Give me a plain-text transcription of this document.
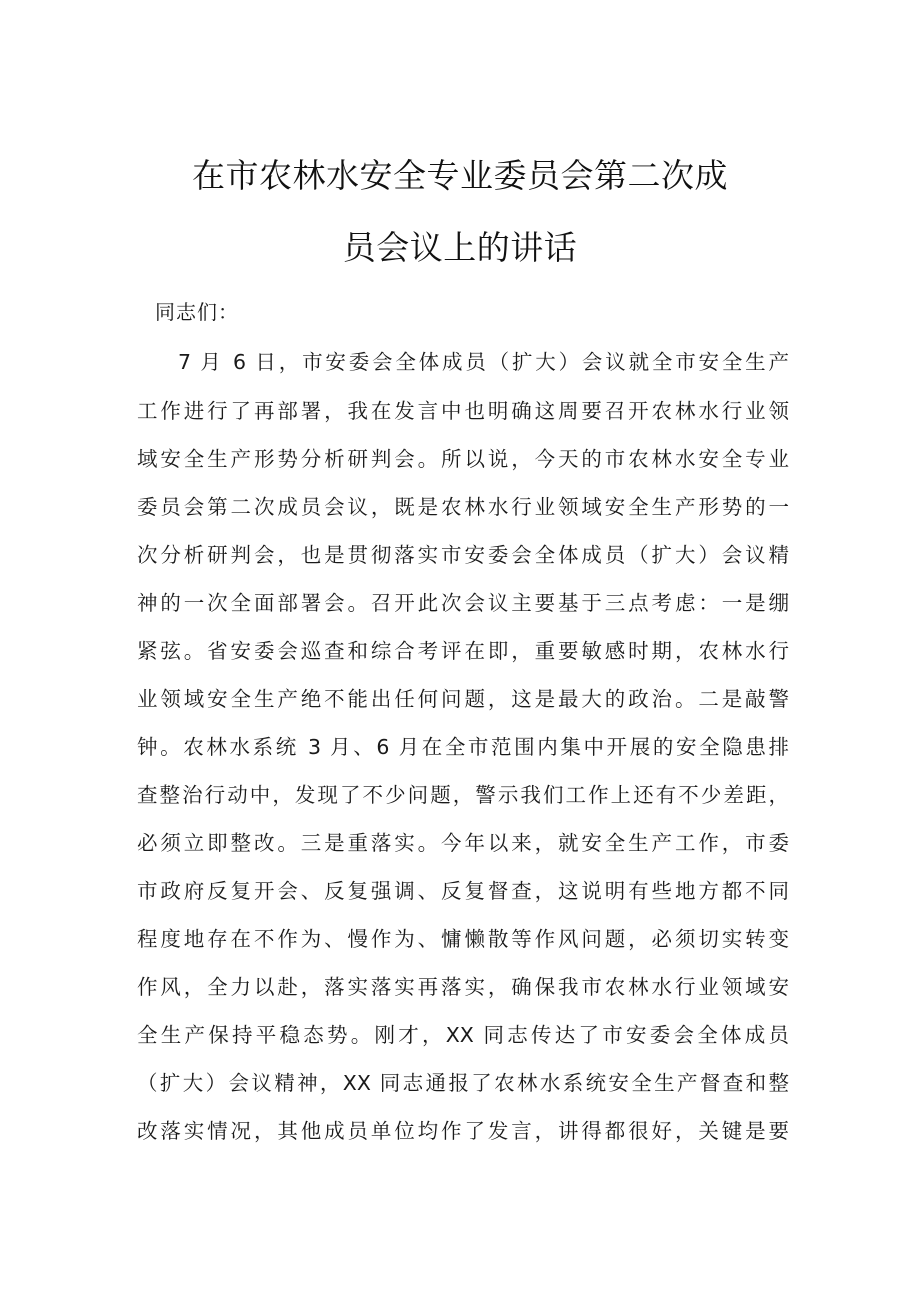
在市农林水安全专业委员会第二次成
员会议上的讲话
同志们：
7 月 6 日，市安委会全体成员（扩大）会议就全市安全生产
工作进行了再部署，我在发言中也明确这周要召开农林水行业领
域安全生产形势分析研判会。所以说，今天的市农林水安全专业
委员会第二次成员会议，既是农林水行业领域安全生产形势的一
次分析研判会，也是贯彻落实市安委会全体成员（扩大）会议精
神的一次全面部署会。召开此次会议主要基于三点考虑：一是绷
紧弦。省安委会巡查和综合考评在即，重要敏感时期，农林水行
业领域安全生产绝不能出任何问题，这是最大的政治。二是敲警
钟。农林水系统 3 月、6 月在全市范围内集中开展的安全隐患排
查整治行动中，发现了不少问题，警示我们工作上还有不少差距，
必须立即整改。三是重落实。今年以来，就安全生产工作，市委
市政府反复开会、反复强调、反复督查，这说明有些地方都不同
程度地存在不作为、慢作为、慵懒散等作风问题，必须切实转变
作风，全力以赴，落实落实再落实，确保我市农林水行业领域安
全生产保持平稳态势。刚才，XX 同志传达了市安委会全体成员
（扩大）会议精神，XX 同志通报了农林水系统安全生产督查和整
改落实情况，其他成员单位均作了发言，讲得都很好，关键是要
